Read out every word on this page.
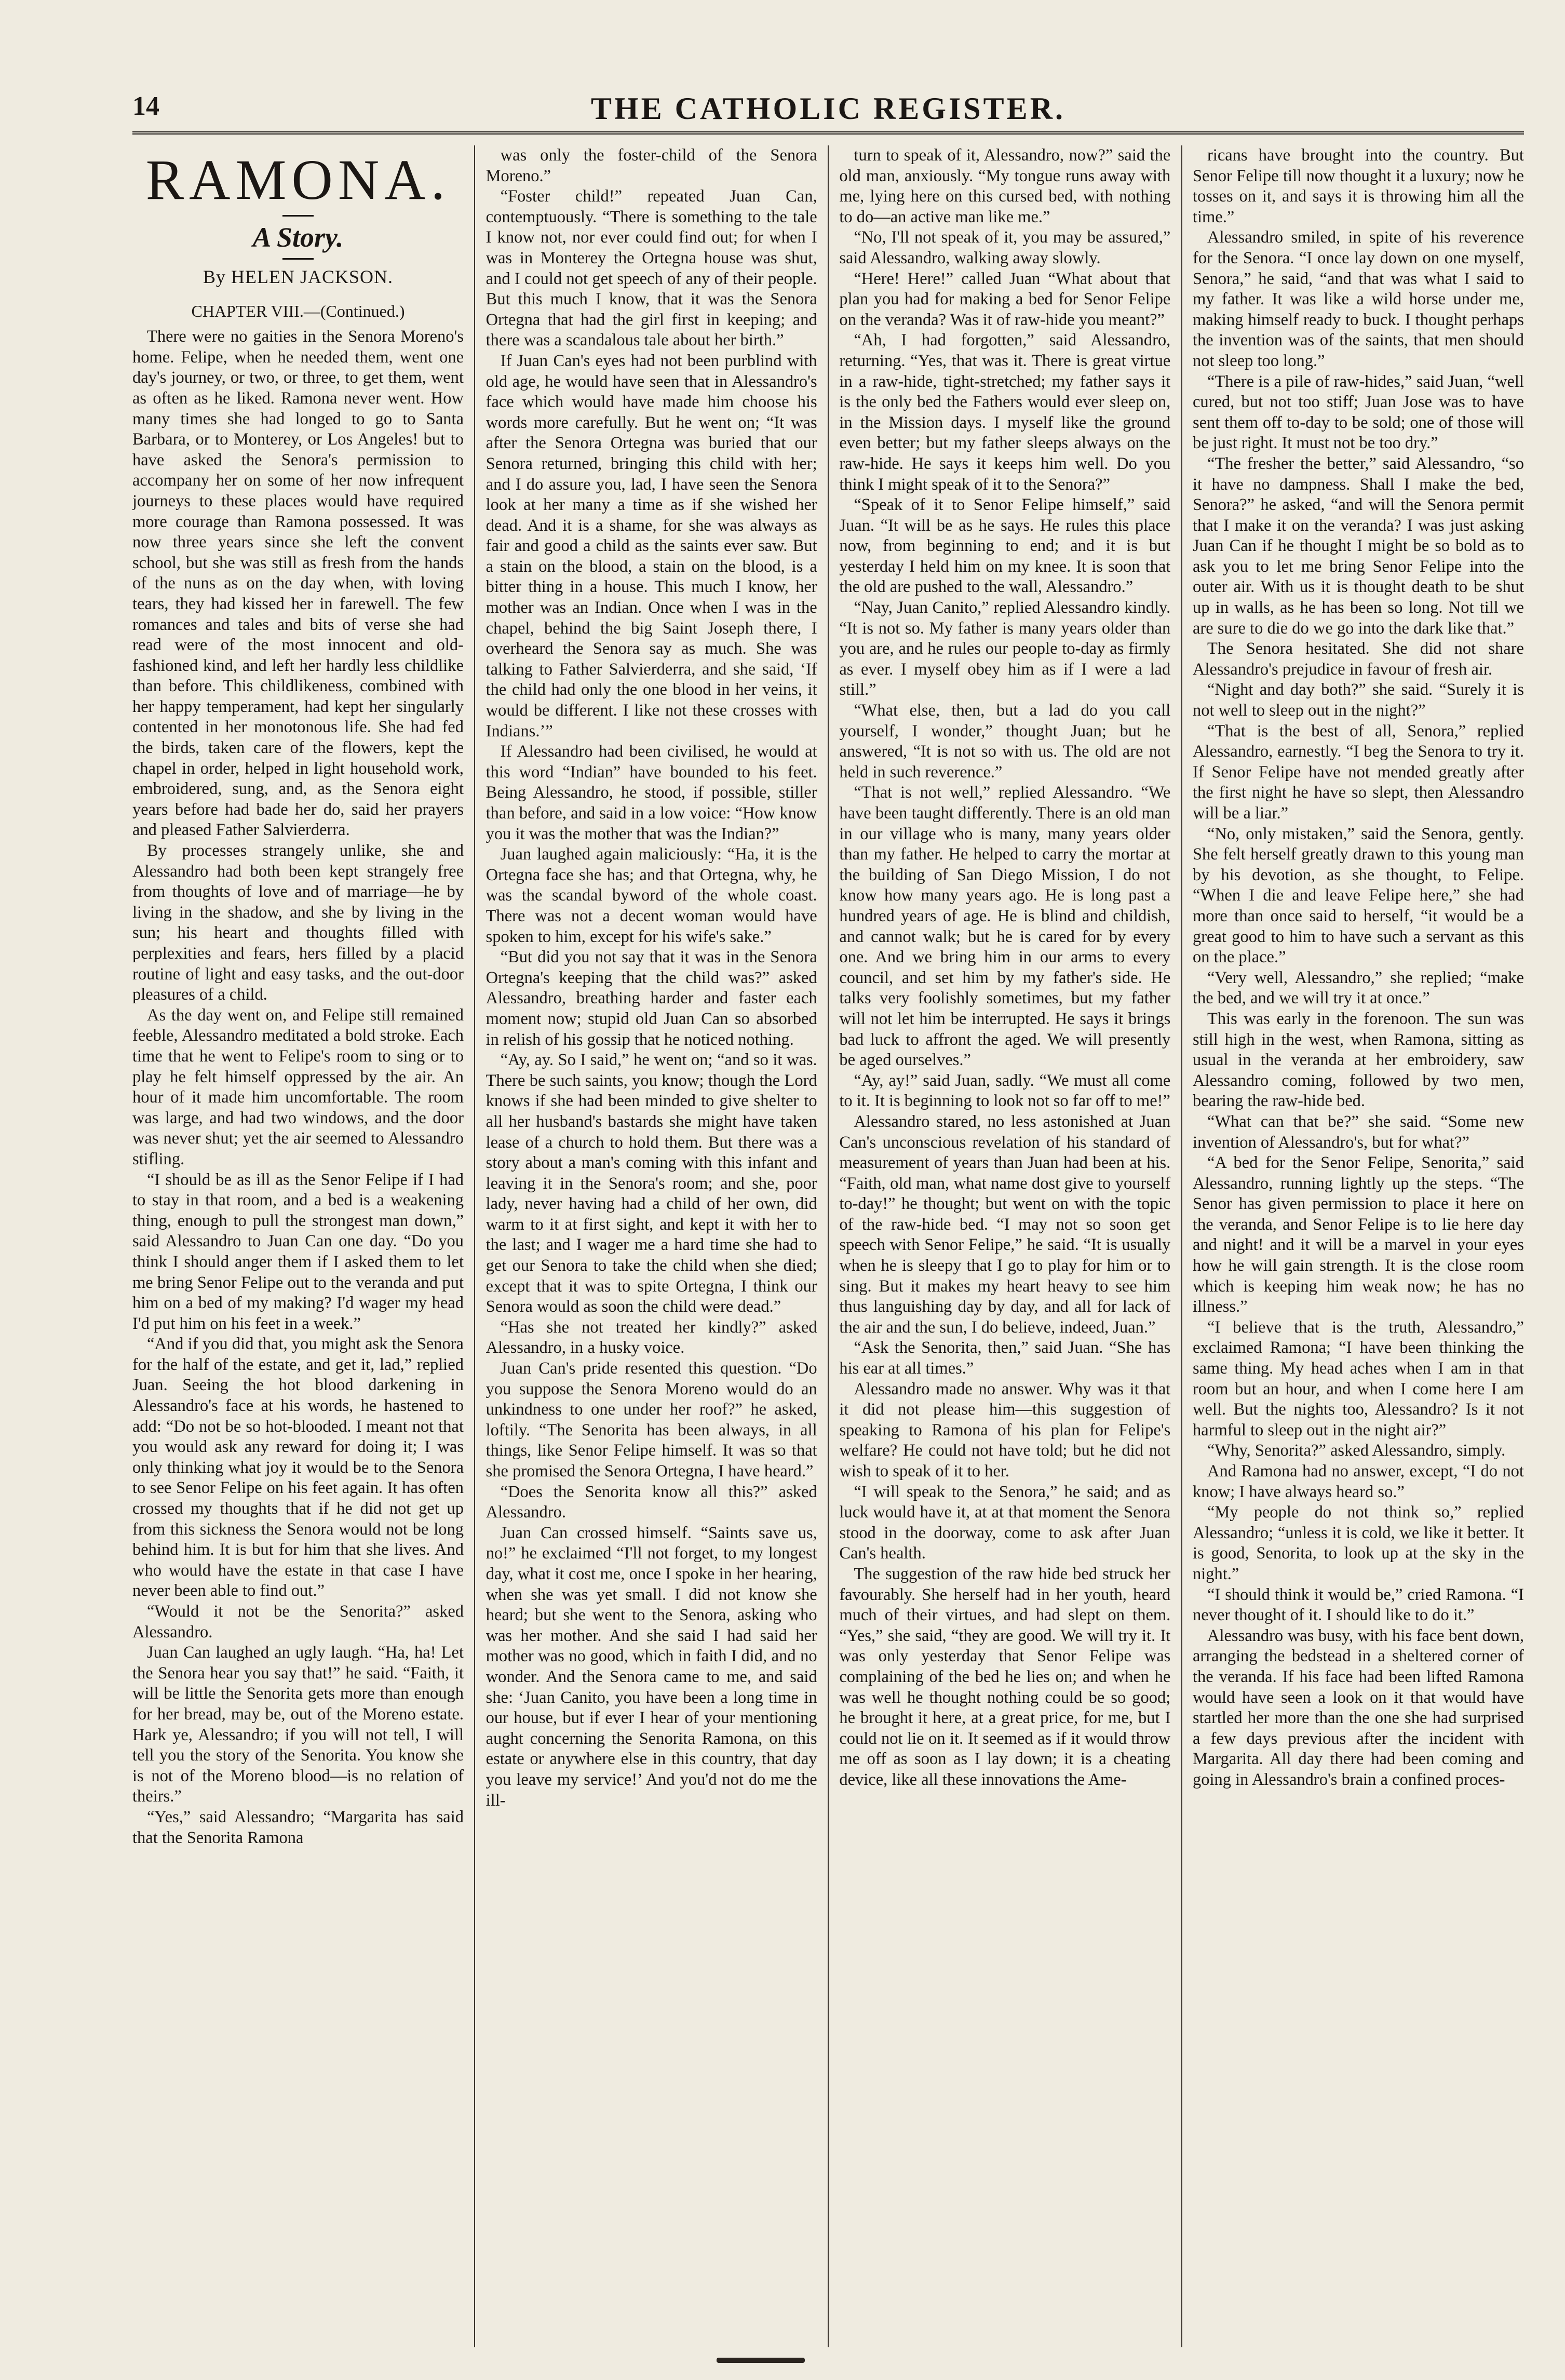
14	THE CATHOLIC REGISTER.
RAMONA.
A Story.
By HELEN JACKSON.
CHAPTER VIII.—(Continued.)

There were no gaities in the Senora Moreno's home. Felipe, when he needed them, went one day's journey, or two, or three, to get them, went as often as he liked. Ramona never went. How many times she had longed to go to Santa Barbara, or to Monterey, or Los Angeles! but to have asked the Senora's permission to accompany her on some of her now infrequent journeys to these places would have required more courage than Ramona possessed. It was now three years since she left the convent school, but she was still as fresh from the hands of the nuns as on the day when, with loving tears, they had kissed her in farewell. The few romances and tales and bits of verse she had read were of the most innocent and old-fashioned kind, and left her hardly less childlike than before. This childlikeness, combined with her happy temperament, had kept her singularly contented in her monotonous life. She had fed the birds, taken care of the flowers, kept the chapel in order, helped in light household work, embroidered, sung, and, as the Senora eight years before had bade her do, said her prayers and pleased Father Salvierderra.

By processes strangely unlike, she and Alessandro had both been kept strangely free from thoughts of love and of marriage—he by living in the shadow, and she by living in the sun; his heart and thoughts filled with perplexities and fears, hers filled by a placid routine of light and easy tasks, and the out-door pleasures of a child.

As the day went on, and Felipe still remained feeble, Alessandro meditated a bold stroke. Each time that he went to Felipe's room to sing or to play he felt himself oppressed by the air. An hour of it made him uncomfortable. The room was large, and had two windows, and the door was never shut; yet the air seemed to Alessandro stifling.

“I should be as ill as the Senor Felipe if I had to stay in that room, and a bed is a weakening thing, enough to pull the strongest man down,” said Alessandro to Juan Can one day. “Do you think I should anger them if I asked them to let me bring Senor Felipe out to the veranda and put him on a bed of my making? I'd wager my head I'd put him on his feet in a week.”

“And if you did that, you might ask the Senora for the half of the estate, and get it, lad,” replied Juan. Seeing the hot blood darkening in Alessandro's face at his words, he hastened to add: “Do not be so hot-blooded. I meant not that you would ask any reward for doing it; I was only thinking what joy it would be to the Senora to see Senor Felipe on his feet again. It has often crossed my thoughts that if he did not get up from this sickness the Senora would not be long behind him. It is but for him that she lives. And who would have the estate in that case I have never been able to find out.”

“Would it not be the Senorita?” asked Alessandro.

Juan Can laughed an ugly laugh. “Ha, ha! Let the Senora hear you say that!” he said. “Faith, it will be little the Senorita gets more than enough for her bread, may be, out of the Moreno estate. Hark ye, Alessandro; if you will not tell, I will tell you the story of the Senorita. You know she is not of the Moreno blood—is no relation of theirs.”

“Yes,” said Alessandro; “Margarita has said that the Senorita Ramona

was only the foster-child of the Senora Moreno.”

“Foster child!” repeated Juan Can, contemptuously. “There is something to the tale I know not, nor ever could find out; for when I was in Monterey the Ortegna house was shut, and I could not get speech of any of their people. But this much I know, that it was the Senora Ortegna that had the girl first in keeping; and there was a scandalous tale about her birth.”

If Juan Can's eyes had not been purblind with old age, he would have seen that in Alessandro's face which would have made him choose his words more carefully. But he went on; “It was after the Senora Ortegna was buried that our Senora returned, bringing this child with her; and I do assure you, lad, I have seen the Senora look at her many a time as if she wished her dead. And it is a shame, for she was always as fair and good a child as the saints ever saw. But a stain on the blood, a stain on the blood, is a bitter thing in a house. This much I know, her mother was an Indian. Once when I was in the chapel, behind the big Saint Joseph there, I overheard the Senora say as much. She was talking to Father Salvierderra, and she said, ‘If the child had only the one blood in her veins, it would be different. I like not these crosses with Indians.’”

If Alessandro had been civilised, he would at this word “Indian” have bounded to his feet. Being Alessandro, he stood, if possible, stiller than before, and said in a low voice: “How know you it was the mother that was the Indian?”

Juan laughed again maliciously: “Ha, it is the Ortegna face she has; and that Ortegna, why, he was the scandal byword of the whole coast. There was not a decent woman would have spoken to him, except for his wife's sake.”

“But did you not say that it was in the Senora Ortegna's keeping that the child was?” asked Alessandro, breathing harder and faster each moment now; stupid old Juan Can so absorbed in relish of his gossip that he noticed nothing.

“Ay, ay. So I said,” he went on; “and so it was. There be such saints, you know; though the Lord knows if she had been minded to give shelter to all her husband's bastards she might have taken lease of a church to hold them. But there was a story about a man's coming with this infant and leaving it in the Senora's room; and she, poor lady, never having had a child of her own, did warm to it at first sight, and kept it with her to the last; and I wager me a hard time she had to get our Senora to take the child when she died; except that it was to spite Ortegna, I think our Senora would as soon the child were dead.”

“Has she not treated her kindly?” asked Alessandro, in a husky voice.

Juan Can's pride resented this question. “Do you suppose the Senora Moreno would do an unkindness to one under her roof?” he asked, loftily. “The Senorita has been always, in all things, like Senor Felipe himself. It was so that she promised the Senora Ortegna, I have heard.”

“Does the Senorita know all this?” asked Alessandro.

Juan Can crossed himself. “Saints save us, no!” he exclaimed “I'll not forget, to my longest day, what it cost me, once I spoke in her hearing, when she was yet small. I did not know she heard; but she went to the Senora, asking who was her mother. And she said I had said her mother was no good, which in faith I did, and no wonder. And the Senora came to me, and said she: ‘Juan Canito, you have been a long time in our house, but if ever I hear of your mentioning aught concerning the Senorita Ramona, on this estate or anywhere else in this country, that day you leave my service!’ And you'd not do me the ill-

turn to speak of it, Alessandro, now?” said the old man, anxiously. “My tongue runs away with me, lying here on this cursed bed, with nothing to do—an active man like me.”

“No, I'll not speak of it, you may be assured,” said Alessandro, walking away slowly.

“Here! Here!” called Juan “What about that plan you had for making a bed for Senor Felipe on the veranda? Was it of raw-hide you meant?”

“Ah, I had forgotten,” said Alessandro, returning. “Yes, that was it. There is great virtue in a raw-hide, tight-stretched; my father says it is the only bed the Fathers would ever sleep on, in the Mission days. I myself like the ground even better; but my father sleeps always on the raw-hide. He says it keeps him well. Do you think I might speak of it to the Senora?”

“Speak of it to Senor Felipe himself,” said Juan. “It will be as he says. He rules this place now, from beginning to end; and it is but yesterday I held him on my knee. It is soon that the old are pushed to the wall, Alessandro.”

“Nay, Juan Canito,” replied Alessandro kindly. “It is not so. My father is many years older than you are, and he rules our people to-day as firmly as ever. I myself obey him as if I were a lad still.”

“What else, then, but a lad do you call yourself, I wonder,” thought Juan; but he answered, “It is not so with us. The old are not held in such reverence.”

“That is not well,” replied Alessandro. “We have been taught differently. There is an old man in our village who is many, many years older than my father. He helped to carry the mortar at the building of San Diego Mission, I do not know how many years ago. He is long past a hundred years of age. He is blind and childish, and cannot walk; but he is cared for by every one. And we bring him in our arms to every council, and set him by my father's side. He talks very foolishly sometimes, but my father will not let him be interrupted. He says it brings bad luck to affront the aged. We will presently be aged ourselves.”

“Ay, ay!” said Juan, sadly. “We must all come to it. It is beginning to look not so far off to me!”

Alessandro stared, no less astonished at Juan Can's unconscious revelation of his standard of measurement of years than Juan had been at his. “Faith, old man, what name dost give to yourself to-day!” he thought; but went on with the topic of the raw-hide bed. “I may not so soon get speech with Senor Felipe,” he said. “It is usually when he is sleepy that I go to play for him or to sing. But it makes my heart heavy to see him thus languishing day by day, and all for lack of the air and the sun, I do believe, indeed, Juan.”

“Ask the Senorita, then,” said Juan. “She has his ear at all times.”

Alessandro made no answer. Why was it that it did not please him—this suggestion of speaking to Ramona of his plan for Felipe's welfare? He could not have told; but he did not wish to speak of it to her.

“I will speak to the Senora,” he said; and as luck would have it, at at that moment the Senora stood in the doorway, come to ask after Juan Can's health.

The suggestion of the raw hide bed struck her favourably. She herself had in her youth, heard much of their virtues, and had slept on them. “Yes,” she said, “they are good. We will try it. It was only yesterday that Senor Felipe was complaining of the bed he lies on; and when he was well he thought nothing could be so good; he brought it here, at a great price, for me, but I could not lie on it. It seemed as if it would throw me off as soon as I lay down; it is a cheating device, like all these innovations the Ame-

ricans have brought into the country. But Senor Felipe till now thought it a luxury; now he tosses on it, and says it is throwing him all the time.”

Alessandro smiled, in spite of his reverence for the Senora. “I once lay down on one myself, Senora,” he said, “and that was what I said to my father. It was like a wild horse under me, making himself ready to buck. I thought perhaps the invention was of the saints, that men should not sleep too long.”

“There is a pile of raw-hides,” said Juan, “well cured, but not too stiff; Juan Jose was to have sent them off to-day to be sold; one of those will be just right. It must not be too dry.”

“The fresher the better,” said Alessandro, “so it have no dampness. Shall I make the bed, Senora?” he asked, “and will the Senora permit that I make it on the veranda? I was just asking Juan Can if he thought I might be so bold as to ask you to let me bring Senor Felipe into the outer air. With us it is thought death to be shut up in walls, as he has been so long. Not till we are sure to die do we go into the dark like that.”

The Senora hesitated. She did not share Alessandro's prejudice in favour of fresh air.

“Night and day both?” she said. “Surely it is not well to sleep out in the night?”

“That is the best of all, Senora,” replied Alessandro, earnestly. “I beg the Senora to try it. If Senor Felipe have not mended greatly after the first night he have so slept, then Alessandro will be a liar.”

“No, only mistaken,” said the Senora, gently. She felt herself greatly drawn to this young man by his devotion, as she thought, to Felipe. “When I die and leave Felipe here,” she had more than once said to herself, “it would be a great good to him to have such a servant as this on the place.”

“Very well, Alessandro,” she replied; “make the bed, and we will try it at once.”

This was early in the forenoon. The sun was still high in the west, when Ramona, sitting as usual in the veranda at her embroidery, saw Alessandro coming, followed by two men, bearing the raw-hide bed.

“What can that be?” she said. “Some new invention of Alessandro's, but for what?”

“A bed for the Senor Felipe, Senorita,” said Alessandro, running lightly up the steps. “The Senor has given permission to place it here on the veranda, and Senor Felipe is to lie here day and night! and it will be a marvel in your eyes how he will gain strength. It is the close room which is keeping him weak now; he has no illness.”

“I believe that is the truth, Alessandro,” exclaimed Ramona; “I have been thinking the same thing. My head aches when I am in that room but an hour, and when I come here I am well. But the nights too, Alessandro? Is it not harmful to sleep out in the night air?”

“Why, Senorita?” asked Alessandro, simply.

And Ramona had no answer, except, “I do not know; I have always heard so.”

“My people do not think so,” replied Alessandro; “unless it is cold, we like it better. It is good, Senorita, to look up at the sky in the night.”

“I should think it would be,” cried Ramona. “I never thought of it. I should like to do it.”

Alessandro was busy, with his face bent down, arranging the bedstead in a sheltered corner of the veranda. If his face had been lifted Ramona would have seen a look on it that would have startled her more than the one she had surprised a few days previous after the incident with Margarita. All day there had been coming and going in Alessandro's brain a confined proces-
